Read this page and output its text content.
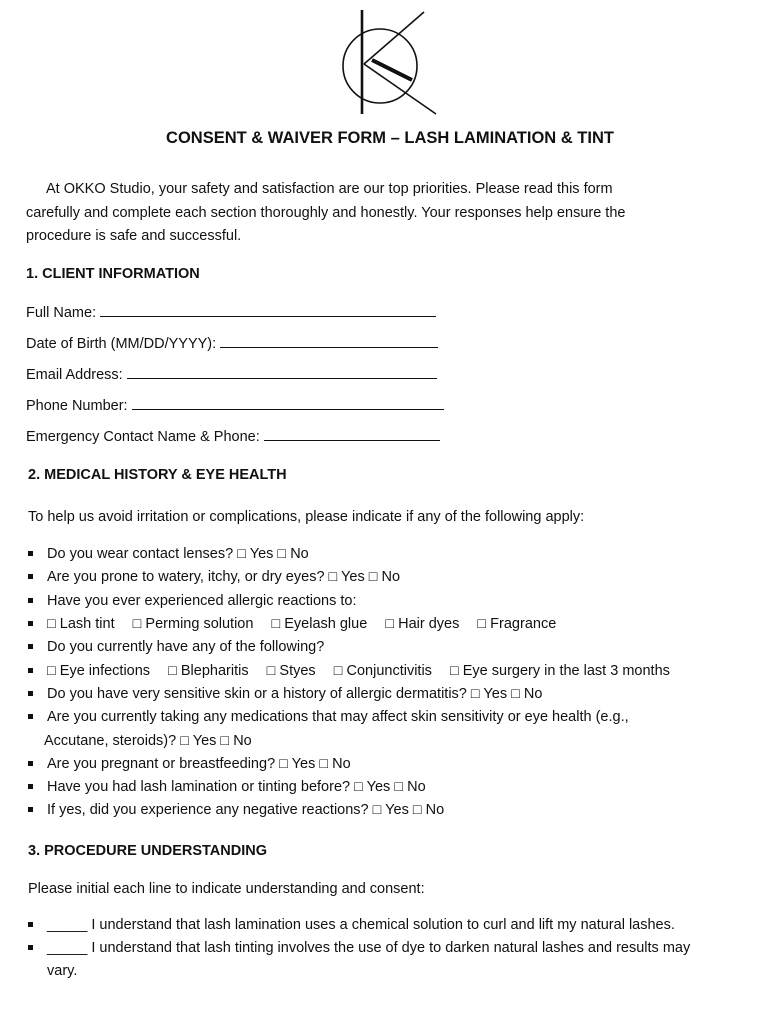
CONSENT & WAIVER FORM – LASH LAMINATION & TINT
At OKKO Studio, your safety and satisfaction are our top priorities. Please read this form
carefully and complete each section thoroughly and honestly. Your responses help ensure the
procedure is safe and successful.
1. CLIENT INFORMATION
Full Name:
Date of Birth (MM/DD/YYYY):
Email Address:
Phone Number:
Emergency Contact Name & Phone:
2. MEDICAL HISTORY & EYE HEALTH
To help us avoid irritation or complications, please indicate if any of the following apply:
Do you wear contact lenses? □ Yes □ No
Are you prone to watery, itchy, or dry eyes? □ Yes □ No
Have you ever experienced allergic reactions to:
□ Lash tint □ Perming solution □ Eyelash glue □ Hair dyes □ Fragrance
Do you currently have any of the following?
□ Eye infections □ Blepharitis □ Styes □ Conjunctivitis □ Eye surgery in the last 3 months
Do you have very sensitive skin or a history of allergic dermatitis? □ Yes □ No
Are you currently taking any medications that may affect skin sensitivity or eye health (e.g.,
Accutane, steroids)? □ Yes □ No
Are you pregnant or breastfeeding? □ Yes □ No
Have you had lash lamination or tinting before? □ Yes □ No
If yes, did you experience any negative reactions? □ Yes □ No
3. PROCEDURE UNDERSTANDING
Please initial each line to indicate understanding and consent:
_____ I understand that lash lamination uses a chemical solution to curl and lift my natural lashes.
_____ I understand that lash tinting involves the use of dye to darken natural lashes and results may
vary.
